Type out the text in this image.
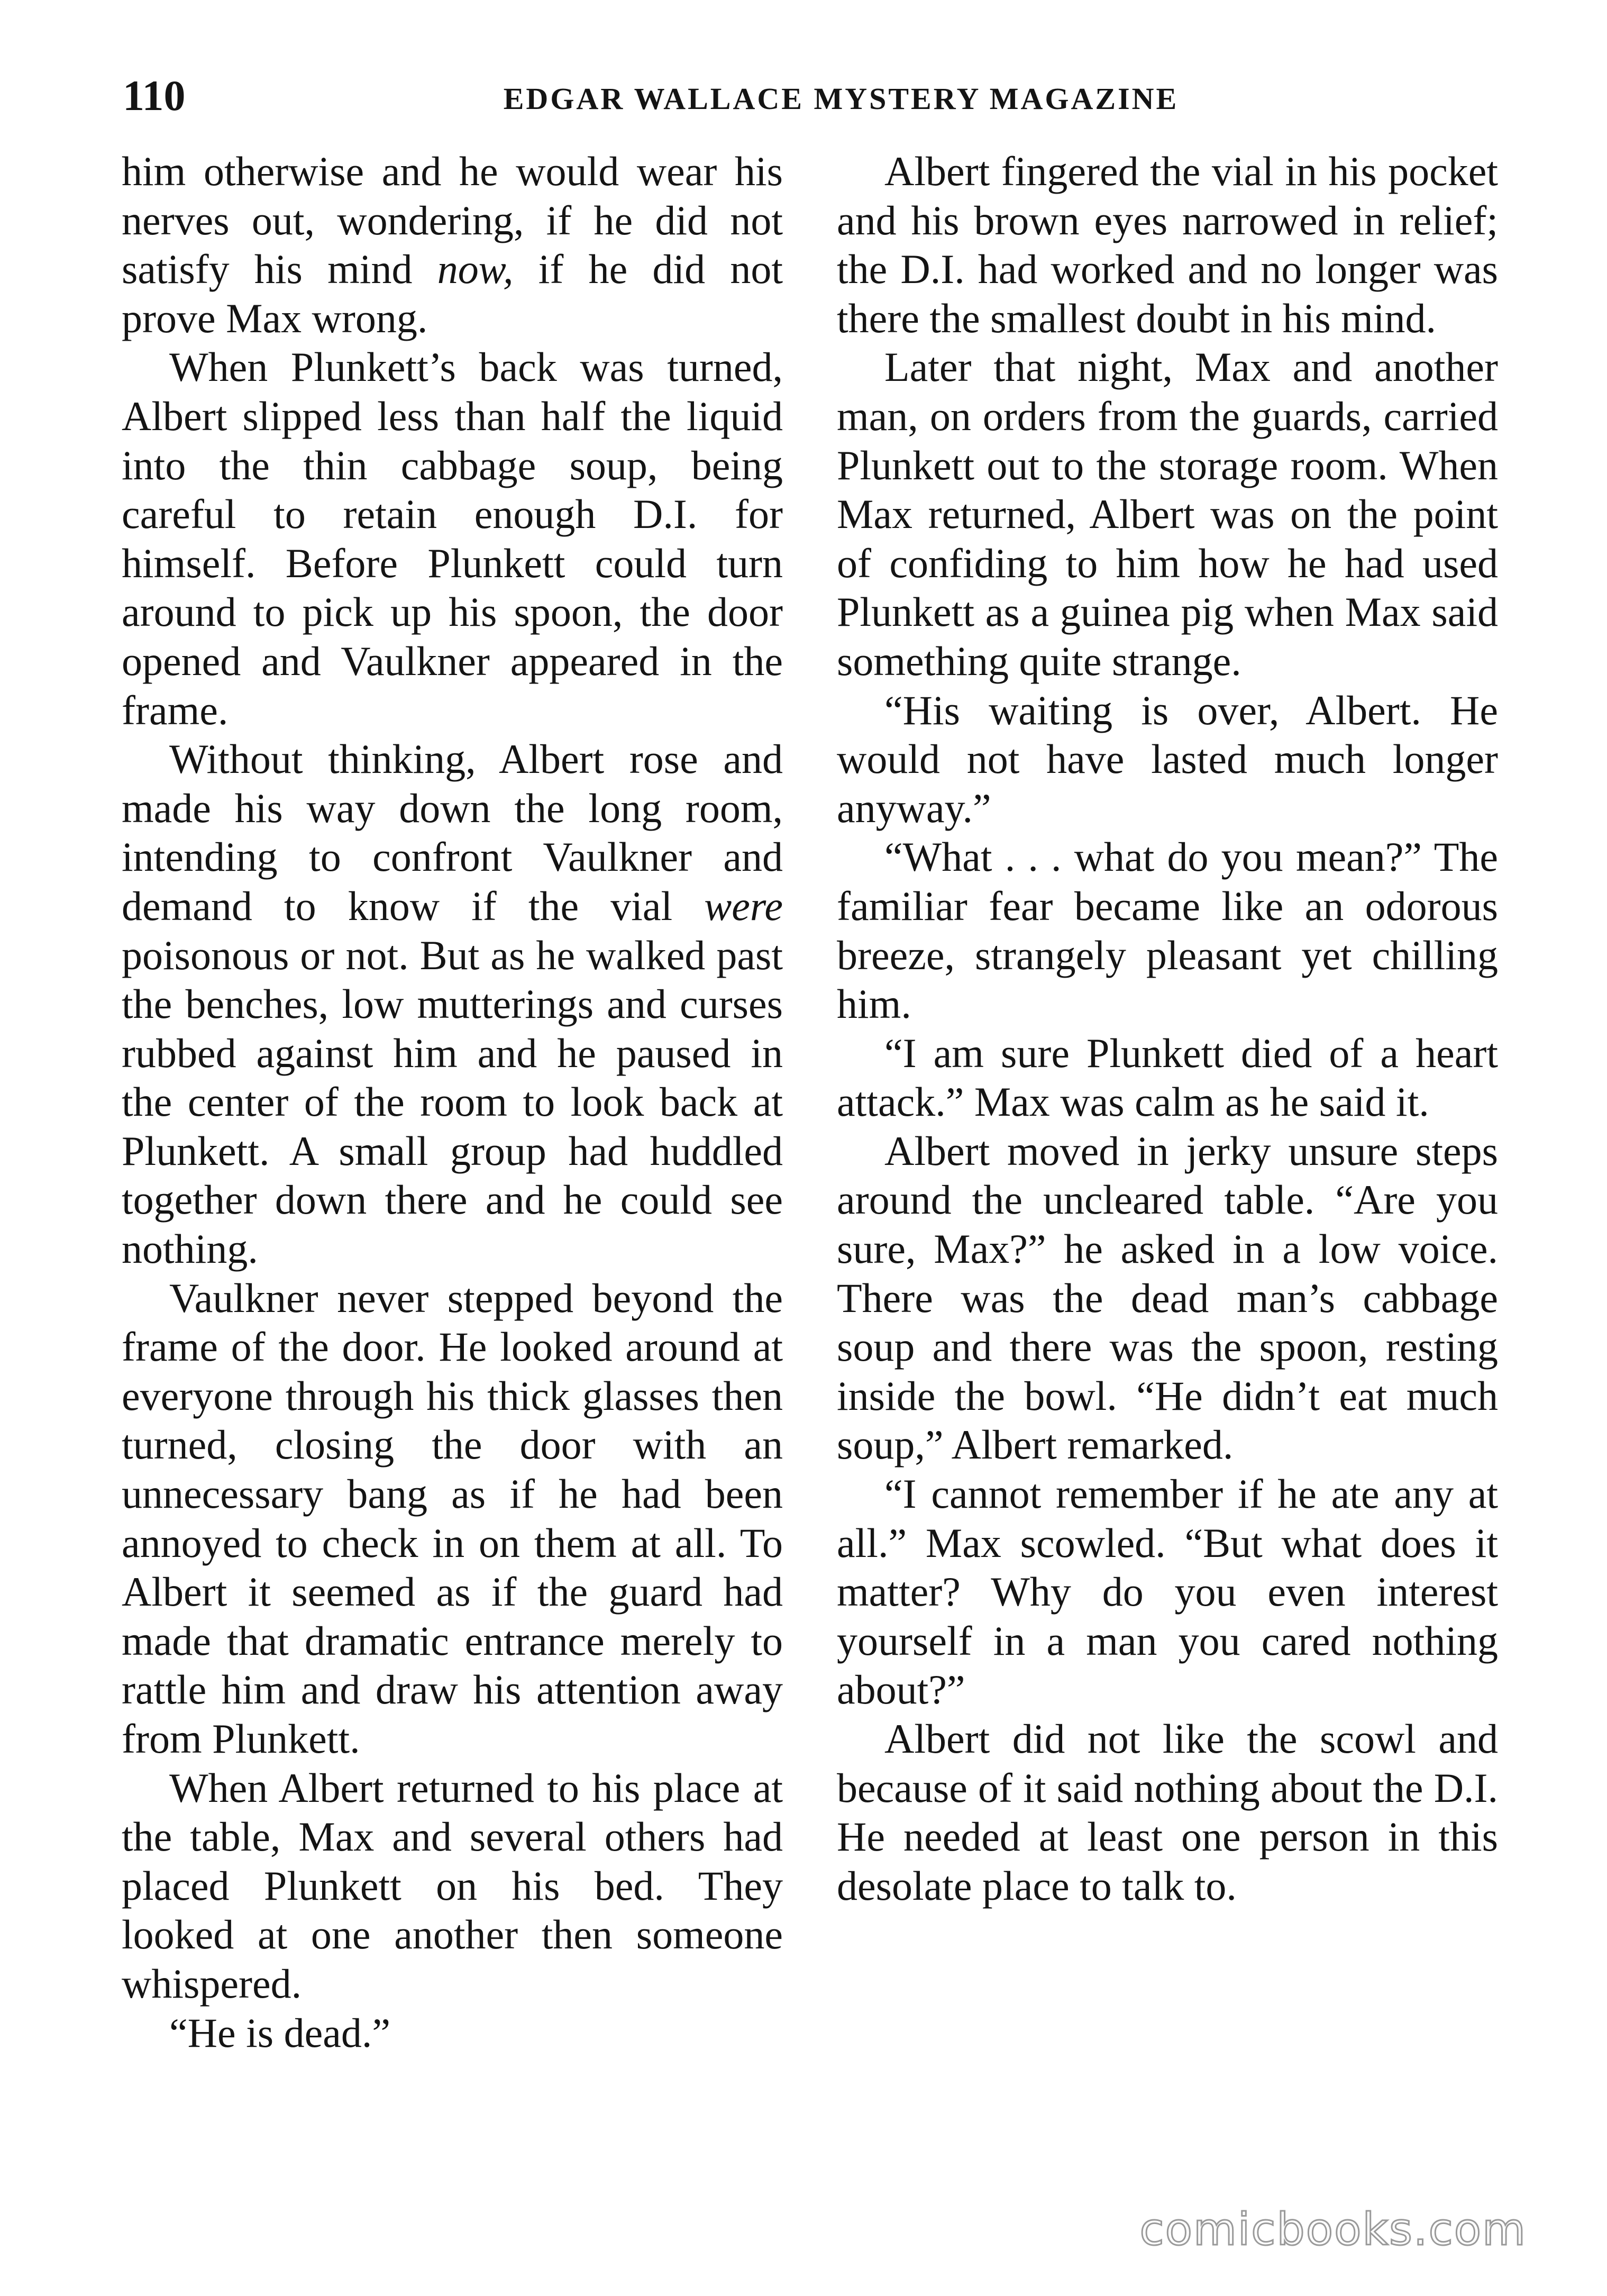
110	EDGAR WALLACE MYSTERY MAGAZINE

him otherwise and he would wear his nerves out, wondering, if he did not satisfy his mind now, if he did not prove Max wrong.

When Plunkett’s back was turned, Albert slipped less than half the liquid into the thin cabbage soup, being careful to retain enough D.I. for himself. Before Plunkett could turn around to pick up his spoon, the door opened and Vaulkner appeared in the frame.

Without thinking, Albert rose and made his way down the long room, intending to confront Vaulkner and demand to know if the vial were poisonous or not. But as he walked past the benches, low mutterings and curses rubbed against him and he paused in the center of the room to look back at Plunkett. A small group had huddled together down there and he could see nothing.

Vaulkner never stepped beyond the frame of the door. He looked around at everyone through his thick glasses then turned, closing the door with an unnecessary bang as if he had been annoyed to check in on them at all. To Albert it seemed as if the guard had made that dramatic entrance merely to rattle him and draw his attention away from Plunkett.

When Albert returned to his place at the table, Max and several others had placed Plunkett on his bed. They looked at one another then someone whispered.

“He is dead.”

Albert fingered the vial in his pocket and his brown eyes narrowed in relief; the D.I. had worked and no longer was there the smallest doubt in his mind.

Later that night, Max and another man, on orders from the guards, carried Plunkett out to the storage room. When Max returned, Albert was on the point of confiding to him how he had used Plunkett as a guinea pig when Max said something quite strange.

“His waiting is over, Albert. He would not have lasted much longer anyway.”

“What . . . what do you mean?” The familiar fear became like an odorous breeze, strangely pleasant yet chilling him.

“I am sure Plunkett died of a heart attack.” Max was calm as he said it.

Albert moved in jerky unsure steps around the uncleared table. “Are you sure, Max?” he asked in a low voice. There was the dead man’s cabbage soup and there was the spoon, resting inside the bowl. “He didn’t eat much soup,” Albert remarked.

“I cannot remember if he ate any at all.” Max scowled. “But what does it matter? Why do you even interest yourself in a man you cared nothing about?”

Albert did not like the scowl and because of it said nothing about the D.I. He needed at least one person in this desolate place to talk to.

comicbooks.com
